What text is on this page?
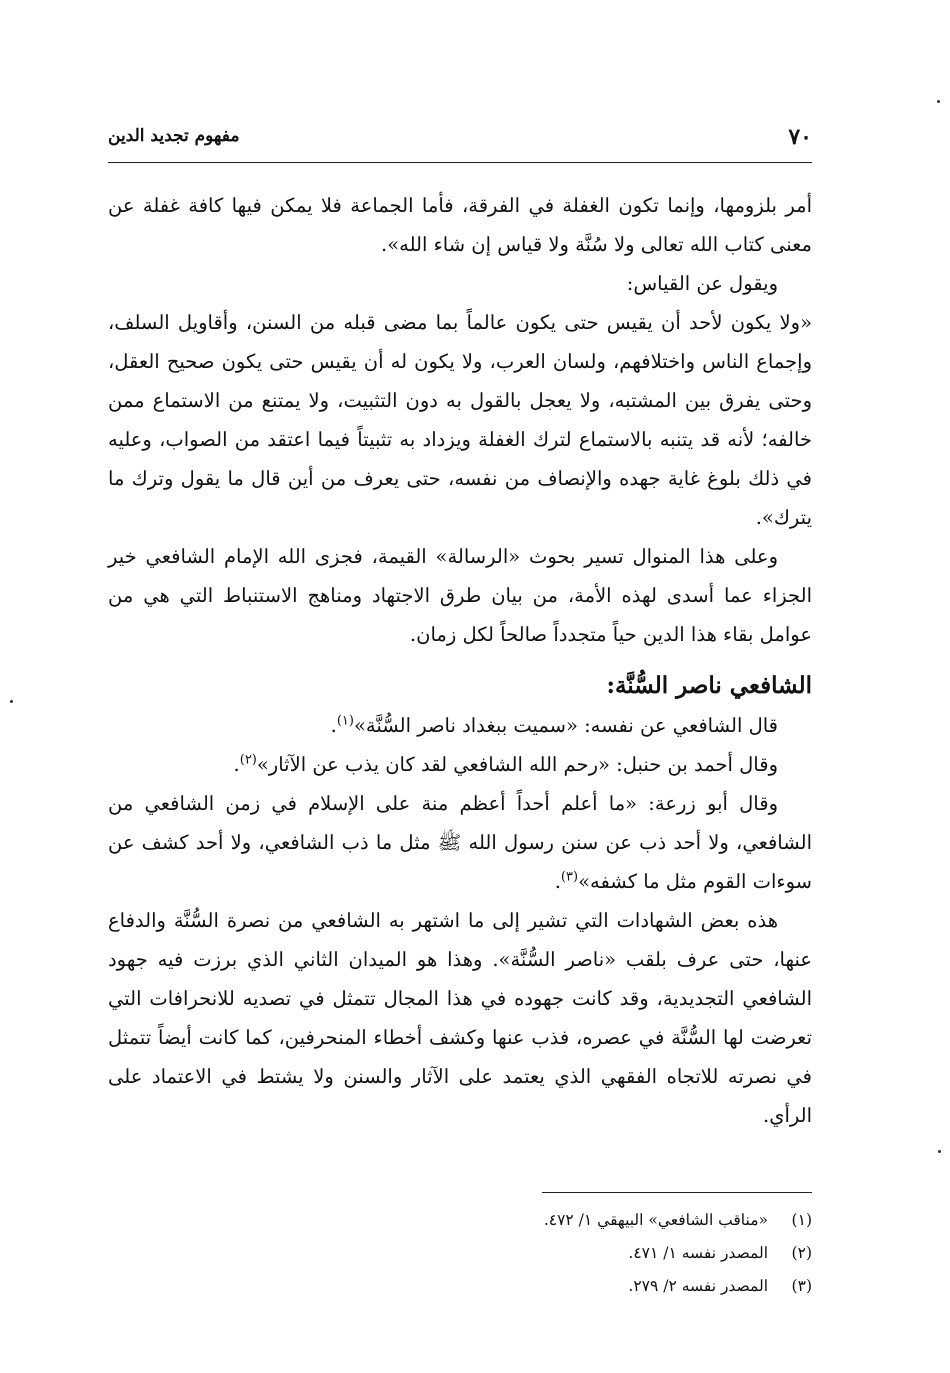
٧٠
مفهوم تجديد الدين

أمر بلزومها، وإنما تكون الغفلة في الفرقة، فأما الجماعة فلا يمكن فيها كافة غفلة عن معنى كتاب الله تعالى ولا سُنَّة ولا قياس إن شاء الله».

ويقول عن القياس:

«ولا يكون لأحد أن يقيس حتى يكون عالماً بما مضى قبله من السنن، وأقاويل السلف، وإجماع الناس واختلافهم، ولسان العرب، ولا يكون له أن يقيس حتى يكون صحيح العقل، وحتى يفرق بين المشتبه، ولا يعجل بالقول به دون التثبيت، ولا يمتنع من الاستماع ممن خالفه؛ لأنه قد يتنبه بالاستماع لترك الغفلة ويزداد به تثبيتاً فيما اعتقد من الصواب، وعليه في ذلك بلوغ غاية جهده والإنصاف من نفسه، حتى يعرف من أين قال ما يقول وترك ما يترك».

وعلى هذا المنوال تسير بحوث «الرسالة» القيمة، فجزى الله الإمام الشافعي خير الجزاء عما أسدى لهذه الأمة، من بيان طرق الاجتهاد ومناهج الاستنباط التي هي من عوامل بقاء هذا الدين حياً متجدداً صالحاً لكل زمان.

الشافعي ناصر السُّنَّة:

قال الشافعي عن نفسه: «سميت ببغداد ناصر السُّنَّة»$^{(١)}$.

وقال أحمد بن حنبل: «رحم الله الشافعي لقد كان يذب عن الآثار»$^{(٢)}$.

وقال أبو زرعة: «ما أعلم أحداً أعظم منة على الإسلام في زمن الشافعي من الشافعي، ولا أحد ذب عن سنن رسول الله ﷺ مثل ما ذب الشافعي، ولا أحد كشف عن سوءات القوم مثل ما كشفه»$^{(٣)}$.

هذه بعض الشهادات التي تشير إلى ما اشتهر به الشافعي من نصرة السُّنَّة والدفاع عنها، حتى عرف بلقب «ناصر السُّنَّة». وهذا هو الميدان الثاني الذي برزت فيه جهود الشافعي التجديدية، وقد كانت جهوده في هذا المجال تتمثل في تصديه للانحرافات التي تعرضت لها السُّنَّة في عصره، فذب عنها وكشف أخطاء المنحرفين، كما كانت أيضاً تتمثل في نصرته للاتجاه الفقهي الذي يعتمد على الآثار والسنن ولا يشتط في الاعتماد على الرأي.

(١)«مناقب الشافعي» البيهقي ١/ ٤٧٢.
(٢)المصدر نفسه ١/ ٤٧١.
(٣)المصدر نفسه ٢/ ٢٧٩.
